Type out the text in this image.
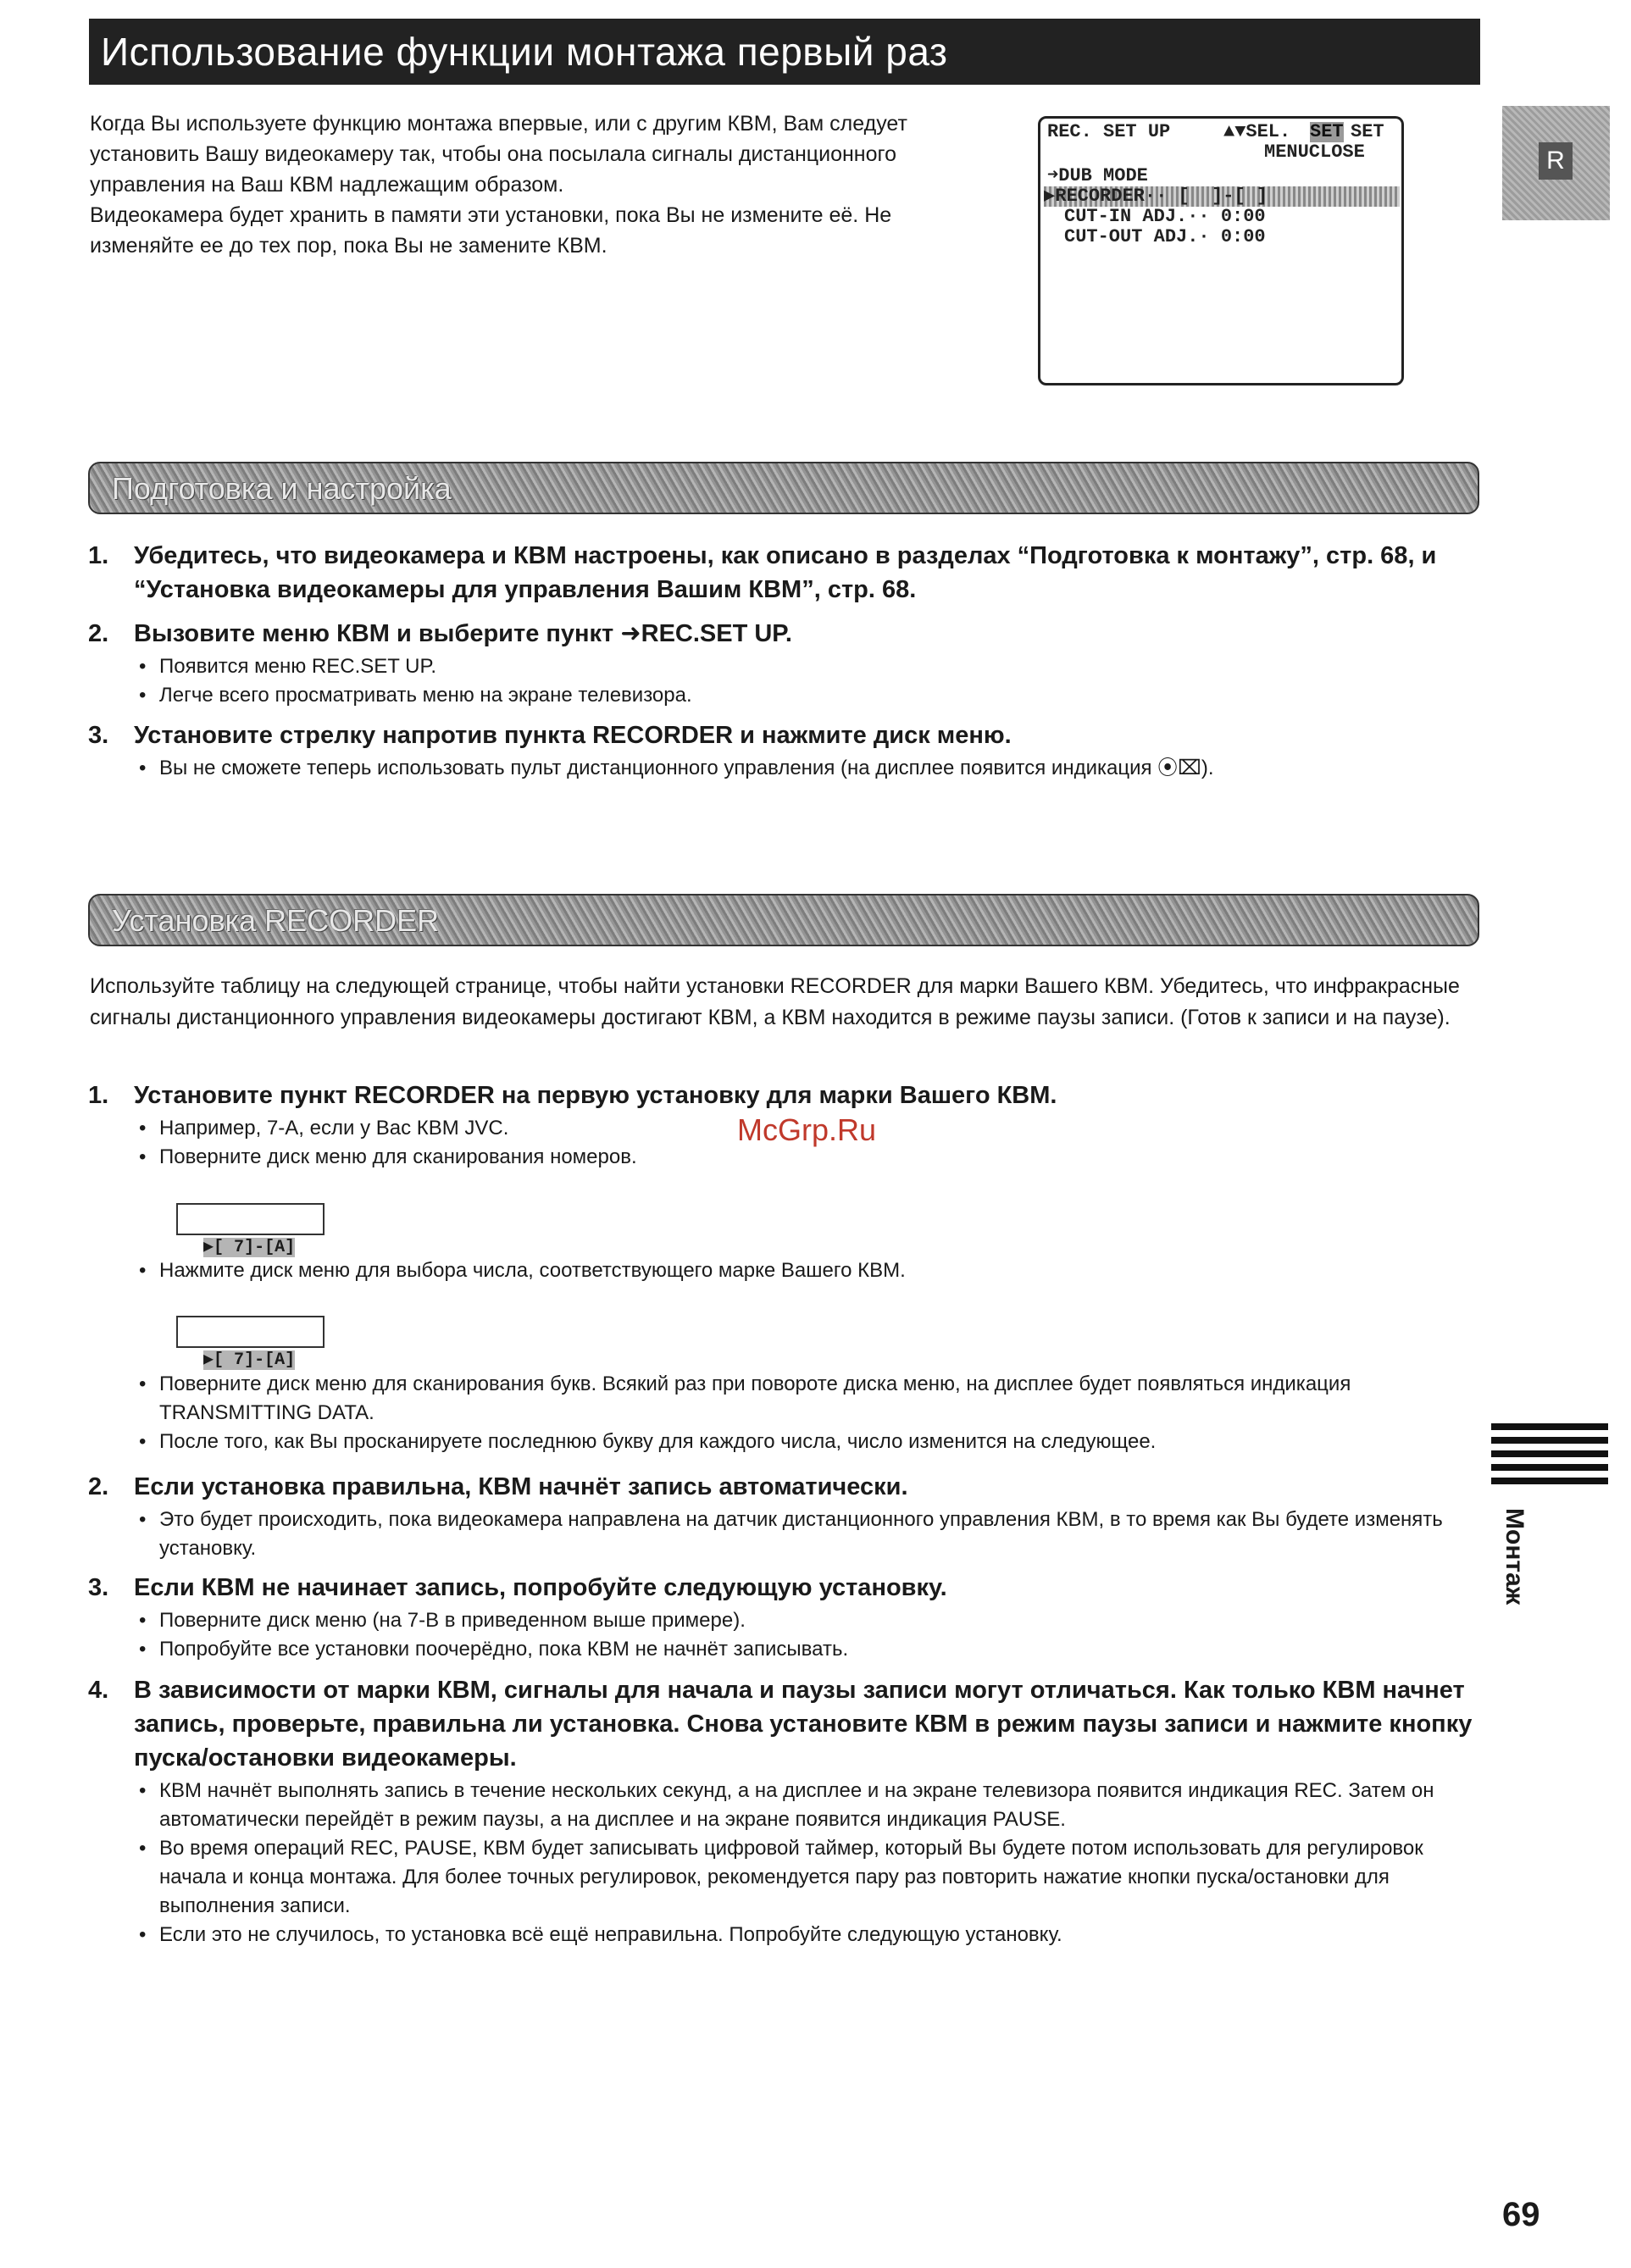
Использование функции монтажа первый раз

Когда Вы используете функцию монтажа впервые, или с другим КВМ, Вам следует установить Вашу видеокамеру так, чтобы она посылала сигналы дистанционного управления на Ваш КВМ надлежащим образом.

Видеокамера будет хранить в памяти эти установки, пока Вы не измените её. Не изменяйте ее до тех пор, пока Вы не замените КВМ.

REC. SET UP	▲▼SEL. SET SET
MENUCLOSE
➜DUB MODE
▶RECORDER·· [  ]-[ ]
CUT-IN ADJ.·· 0:00
CUT-OUT ADJ.· 0:00
R
Подготовка и настройка
1. Убедитесь, что видеокамера и КВМ настроены, как описано в разделах “Подготовка к монтажу”, стр. 68, и “Установка видеокамеры для управления Вашим КВМ”, стр. 68.
2. Вызовите меню КВМ и выберите пункт ➜REC.SET UP.
• Появится меню REC.SET UP.
• Легче всего просматривать меню на экране телевизора.
3. Установите стрелку напротив пункта RECORDER и нажмите диск меню.
• Вы не сможете теперь использовать пульт дистанционного управления (на дисплее появится индикация ⦿⌧).
Установка RECORDER
Используйте таблицу на следующей странице, чтобы найти установки RECORDER для марки Вашего КВМ. Убедитесь, что инфракрасные сигналы дистанционного управления видеокамеры достигают КВМ, а КВМ находится в режиме паузы записи. (Готов к записи и на паузе).
1. Установите пункт RECORDER на первую установку для марки Вашего КВМ.
• Например, 7-А, если у Вас КВМ JVC.
• Поверните диск меню для сканирования номеров.

▶[ 7]-[A]

• Нажмите диск меню для выбора числа, соответствующего марке Вашего КВМ.

▶[ 7]-[A]

• Поверните диск меню для сканирования букв. Всякий раз при повороте диска меню, на дисплее будет появляться индикация TRANSMITTING DATA.
• После того, как Вы просканируете последнюю букву для каждого числа, число изменится на следующее.
2. Если установка правильна, КВМ начнёт запись автоматически.
• Это будет происходить, пока видеокамера направлена на датчик дистанционного управления КВМ, в то время как Вы будете изменять установку.
3. Если КВМ не начинает запись, попробуйте следующую установку.
• Поверните диск меню (на 7-В в приведенном выше примере).
• Попробуйте все установки поочерёдно, пока КВМ не начнёт записывать.
4. В зависимости от марки КВМ, сигналы для начала и паузы записи могут отличаться. Как только КВМ начнет запись, проверьте, правильна ли установка. Снова установите КВМ в режим паузы записи и нажмите кнопку пуска/остановки видеокамеры.
• КВМ начнёт выполнять запись в течение нескольких секунд, а на дисплее и на экране телевизора появится индикация REC. Затем он автоматически перейдёт в режим паузы, а на дисплее и на экране появится индикация PAUSE.
• Во время операций REC, PAUSE, КВМ будет записывать цифровой таймер, который Вы будете потом использовать для регулировок начала и конца монтажа. Для более точных регулировок, рекомендуется пару раз повторить нажатие кнопки пуска/остановки для выполнения записи.
• Если это не случилось, то установка всё ещё неправильна. Попробуйте следующую установку.
Монтаж
McGrp.Ru
69
